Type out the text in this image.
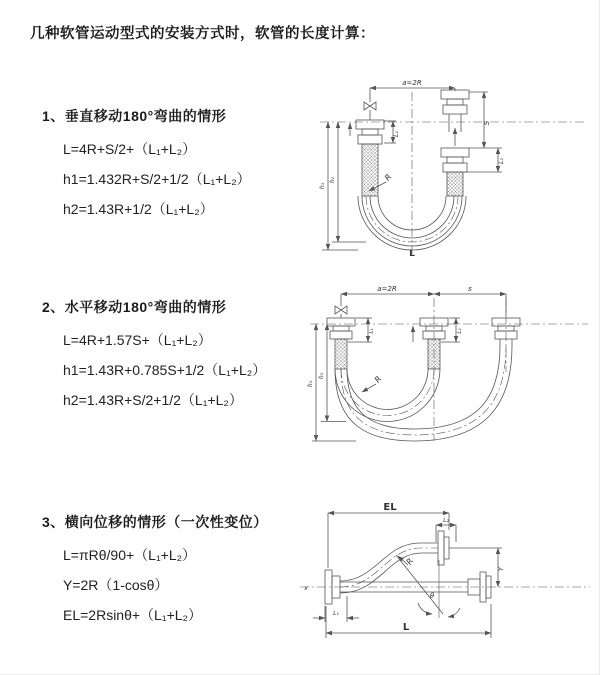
几种软管运动型式的安装方式时，软管的长度计算：
1、垂直移动180°弯曲的情形
L=4R+S/2+（L₁+L₂）
h1=1.432R+S/2+1/2（L₁+L₂）
h2=1.43R+1/2（L₁+L₂）
a=2R
L₁
S
L₂
h₁
h₂	R
L
2、水平移动180°弯曲的情形
L=4R+1.57S+（L₁+L₂）
h1=1.43R+0.785S+1/2（L₁+L₂）
h2=1.43R+S/2+1/2（L₁+L₂）
a=2R	s
L₁	L₂
h₁
h₂	R
3、横向位移的情形（一次性变位）
L=πRθ/90+（L₁+L₂）
Y=2R（1-cosθ）
EL=2Rsinθ+（L₁+L₂）
EL
L₂
Y
L
L₁
R
θ
x
